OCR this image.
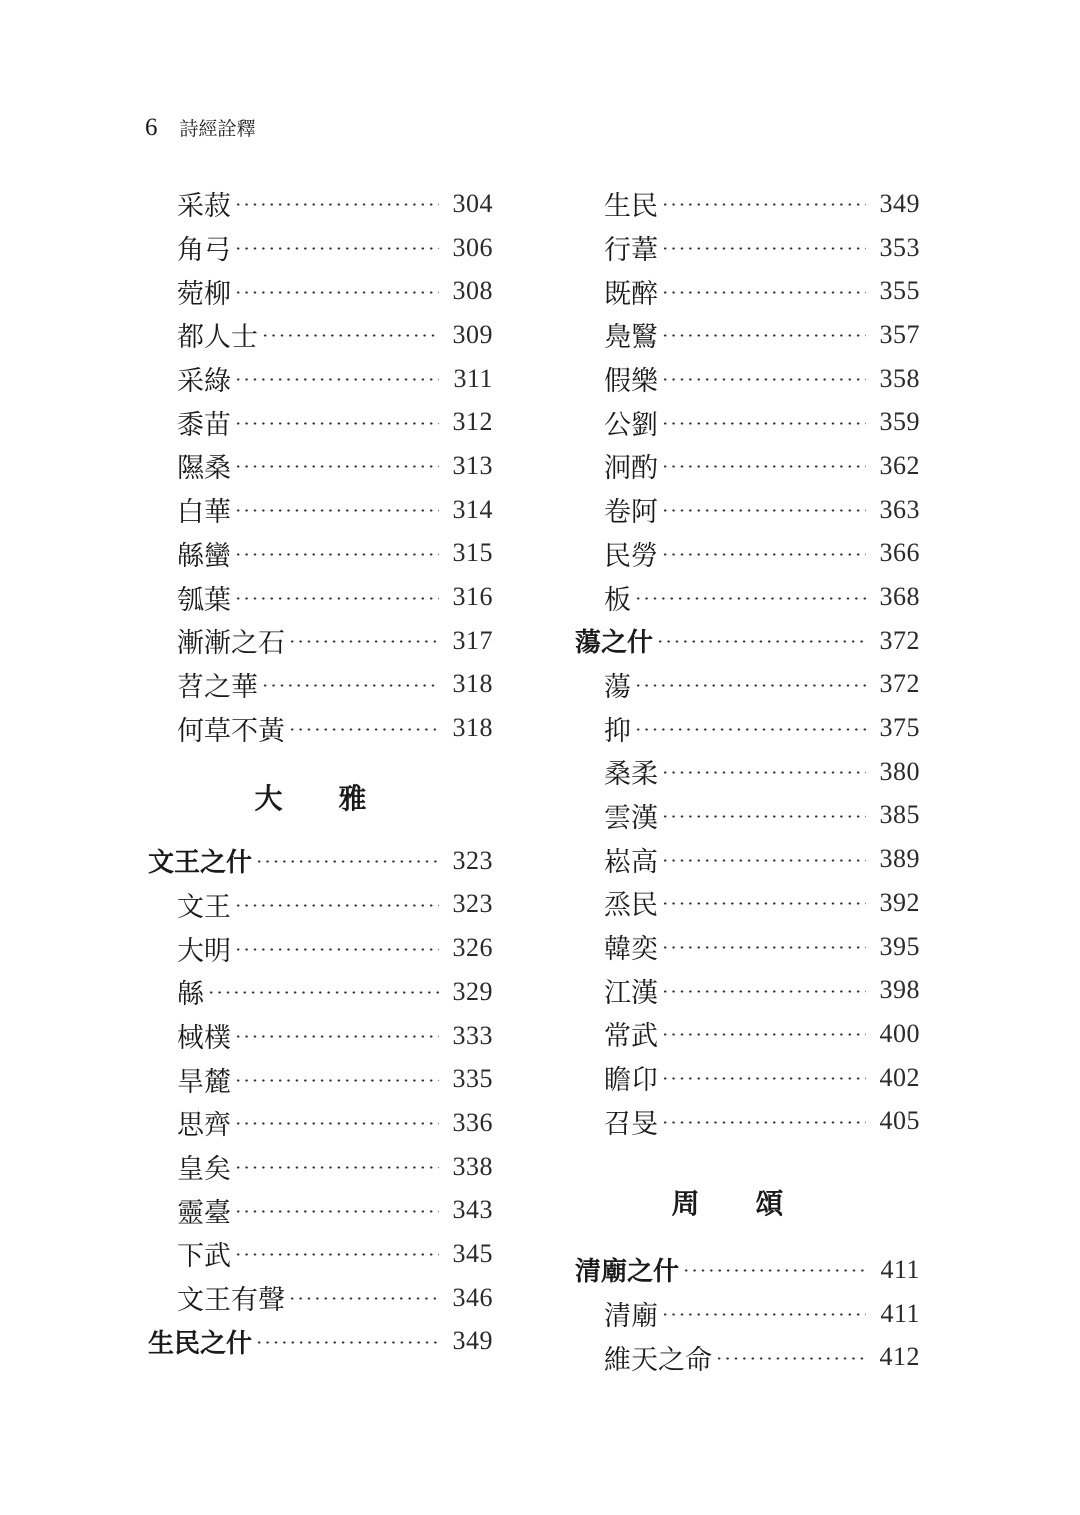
6 詩經詮釋
采菽	304
角弓	306
菀柳	308
都人士	309
采綠	311
黍苗	312
隰桑	313
白華	314
緜蠻	315
瓠葉	316
漸漸之石	317
苕之華	318
何草不黃	318
大　　雅
文王之什	323
文王	323
大明	326
緜	329
棫樸	333
旱麓	335
思齊	336
皇矣	338
靈臺	343
下武	345
文王有聲	346
生民之什	349
生民	349
行葦	353
既醉	355
鳧鷖	357
假樂	358
公劉	359
泂酌	362
卷阿	363
民勞	366
板	368
蕩之什	372
蕩	372
抑	375
桑柔	380
雲漢	385
崧高	389
烝民	392
韓奕	395
江漢	398
常武	400
瞻卬	402
召旻	405
周　　頌
清廟之什	411
清廟	411
維天之命	412
